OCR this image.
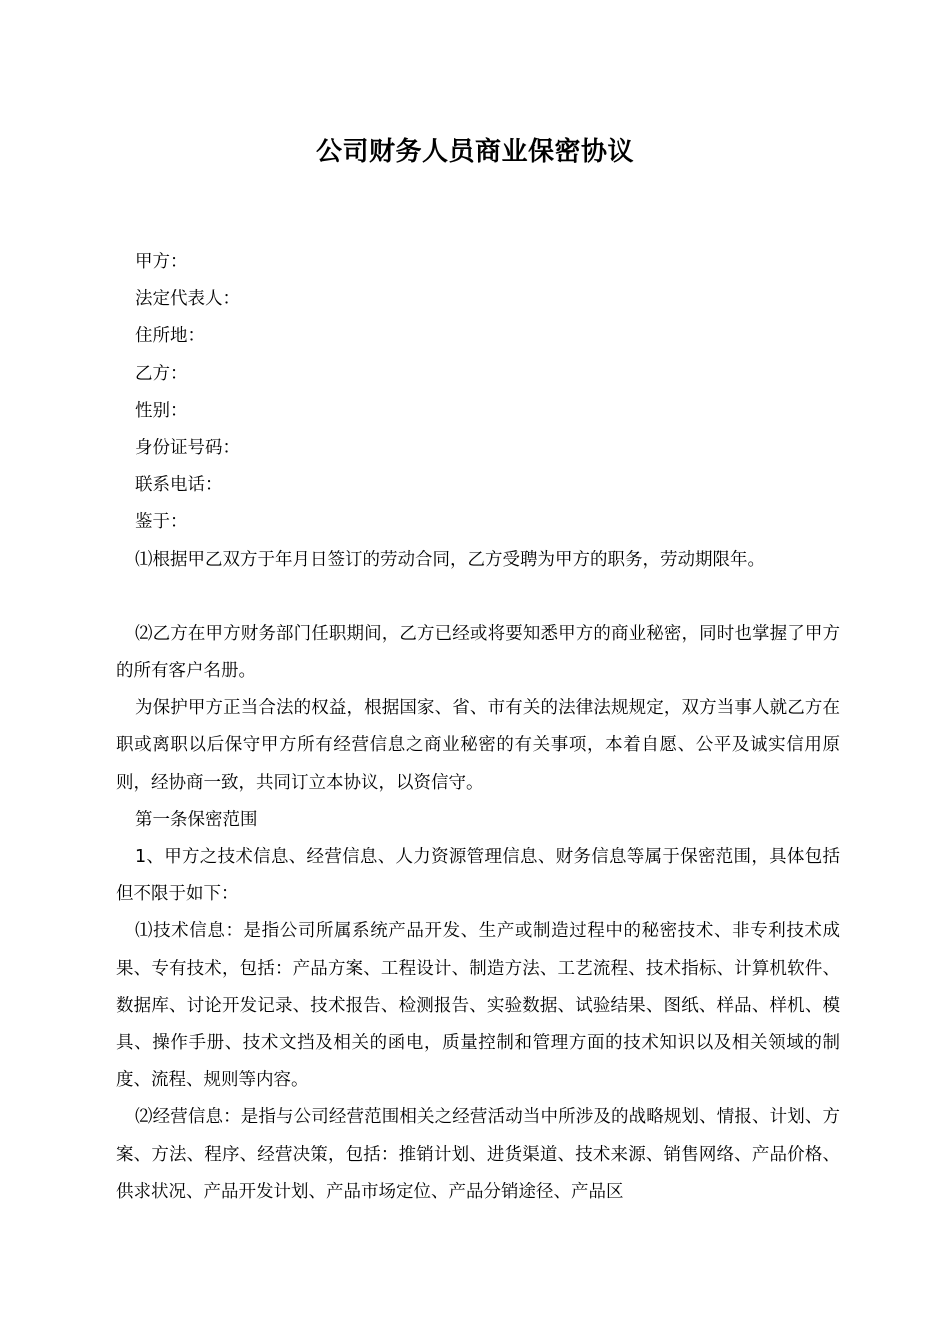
公司财务人员商业保密协议

甲方：

法定代表人：

住所地：

乙方：

性别：

身份证号码：

联系电话：

鉴于：

⑴根据甲乙双方于年月日签订的劳动合同，乙方受聘为甲方的职务，劳动期限年。

⑵乙方在甲方财务部门任职期间，乙方已经或将要知悉甲方的商业秘密，同时也掌握了甲方的所有客户名册。

为保护甲方正当合法的权益，根据国家、省、市有关的法律法规规定，双方当事人就乙方在职或离职以后保守甲方所有经营信息之商业秘密的有关事项，本着自愿、公平及诚实信用原则，经协商一致，共同订立本协议，以资信守。

第一条保密范围

1、甲方之技术信息、经营信息、人力资源管理信息、财务信息等属于保密范围，具体包括但不限于如下：

⑴技术信息：是指公司所属系统产品开发、生产或制造过程中的秘密技术、非专利技术成果、专有技术，包括：产品方案、工程设计、制造方法、工艺流程、技术指标、计算机软件、数据库、讨论开发记录、技术报告、检测报告、实验数据、试验结果、图纸、样品、样机、模具、操作手册、技术文挡及相关的函电，质量控制和管理方面的技术知识以及相关领域的制度、流程、规则等内容。

⑵经营信息：是指与公司经营范围相关之经营活动当中所涉及的战略规划、情报、计划、方案、方法、程序、经营决策，包括：推销计划、进货渠道、技术来源、销售网络、产品价格、供求状况、产品开发计划、产品市场定位、产品分销途径、产品区
